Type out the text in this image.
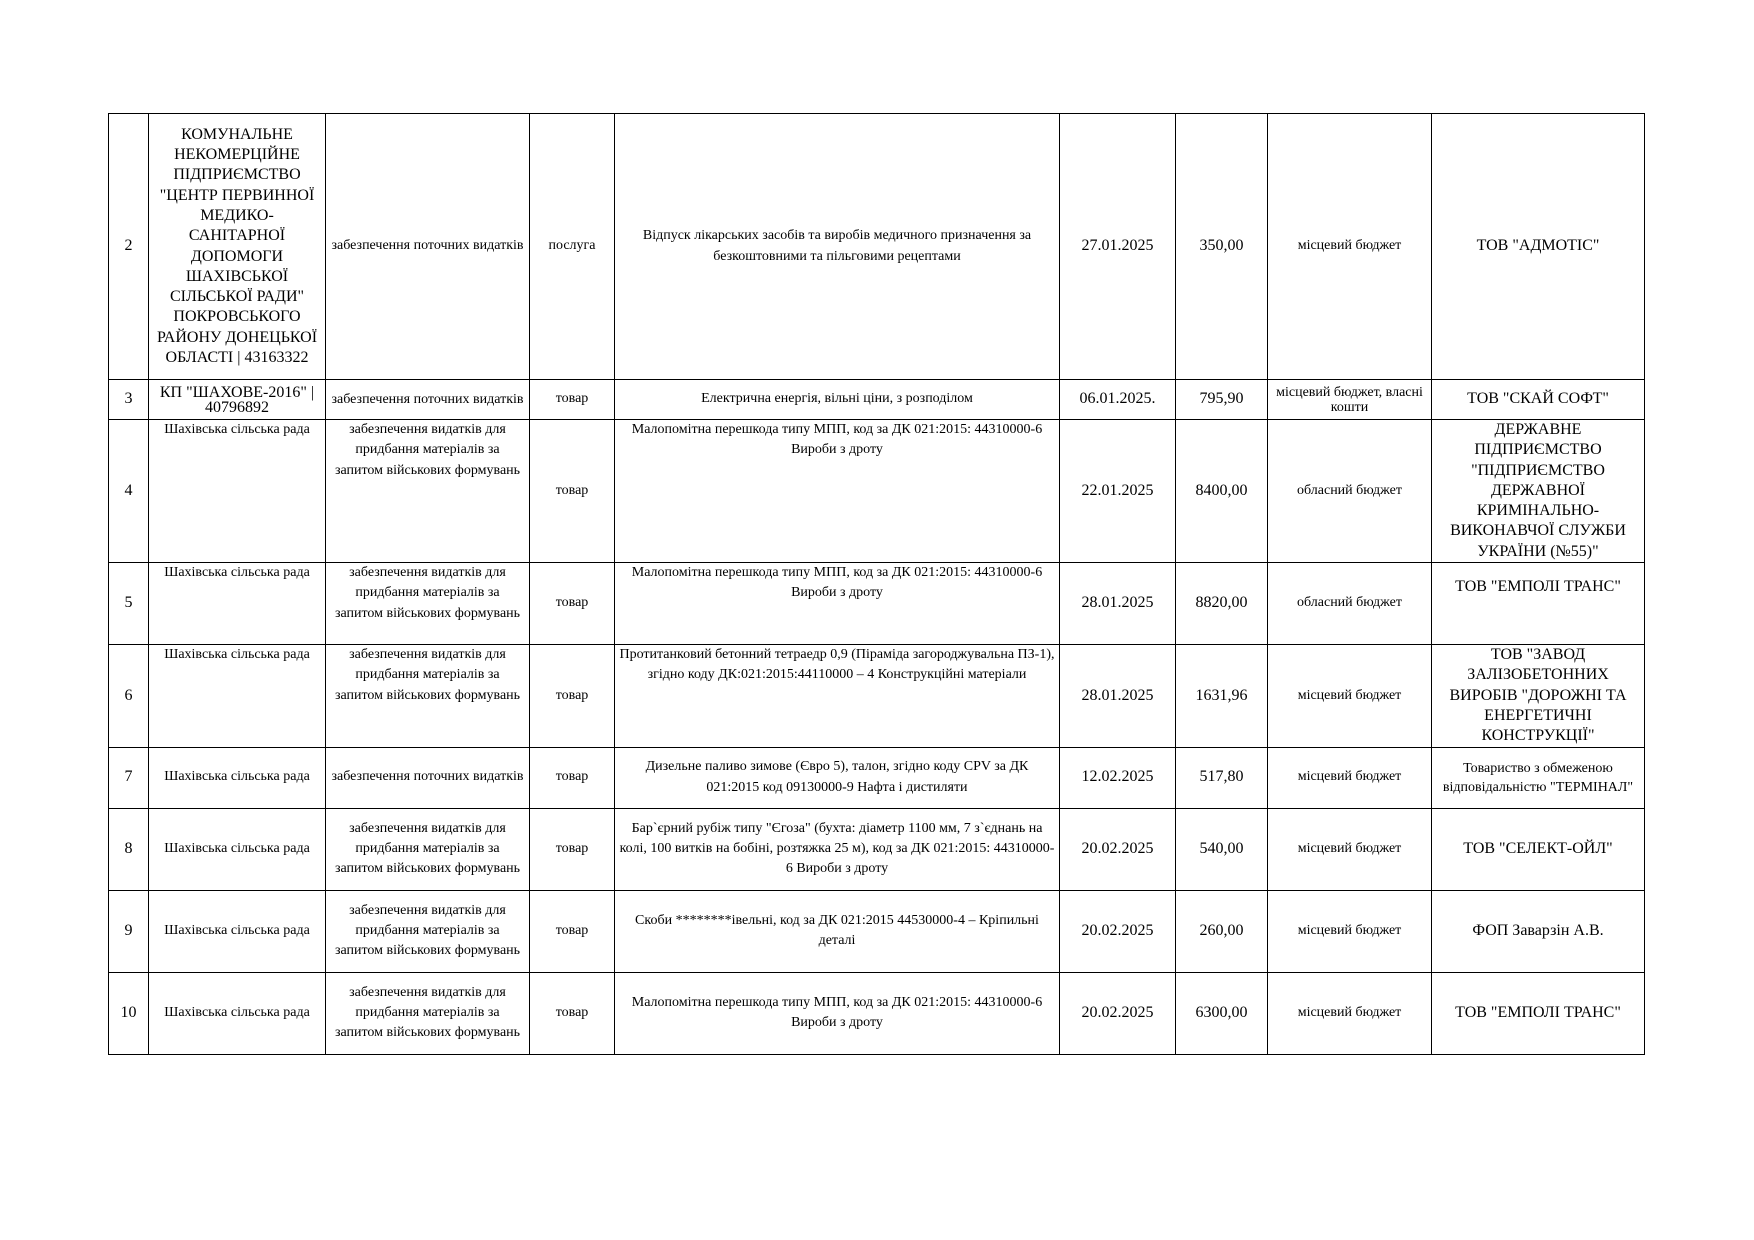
2	КОМУНАЛЬНЕ НЕКОМЕРЦІЙНЕ ПІДПРИЄМСТВО "ЦЕНТР ПЕРВИННОЇ МЕДИКО-САНІТАРНОЇ ДОПОМОГИ ШАХІВСЬКОЇ СІЛЬСЬКОЇ РАДИ" ПОКРОВСЬКОГО РАЙОНУ ДОНЕЦЬКОЇ ОБЛАСТІ | 43163322	забезпечення поточних видатків	послуга	Відпуск лікарських засобів та виробів медичного призначення за безкоштовними та пільговими рецептами	27.01.2025	350,00	місцевий бюджет	ТОВ "АДМОТІС"
3	КП "ШАХОВЕ-2016" | 40796892	забезпечення поточних видатків	товар	Електрична енергія, вільні ціни, з розподілом	06.01.2025.	795,90	місцевий бюджет, власні кошти	ТОВ "СКАЙ СОФТ"
4	Шахівська сільська рада	забезпечення видатків для придбання матеріалів за запитом військових формувань	товар	Малопомітна перешкода типу МПП, код за ДК 021:2015: 44310000-6 Вироби з дроту	22.01.2025	8400,00	обласний бюджет	ДЕРЖАВНЕ ПІДПРИЄМСТВО "ПІДПРИЄМСТВО ДЕРЖАВНОЇ КРИМІНАЛЬНО-ВИКОНАВЧОЇ СЛУЖБИ УКРАЇНИ (№55)"
5	Шахівська сільська рада	забезпечення видатків для придбання матеріалів за запитом військових формувань	товар	Малопомітна перешкода типу МПП, код за ДК 021:2015: 44310000-6 Вироби з дроту	28.01.2025	8820,00	обласний бюджет	ТОВ "ЕМПОЛІ ТРАНС"
6	Шахівська сільська рада	забезпечення видатків для придбання матеріалів за запитом військових формувань	товар	Протитанковий бетонний тетраедр 0,9 (Піраміда загороджувальна ПЗ-1), згідно коду ДК:021:2015:44110000 – 4 Конструкційні матеріали	28.01.2025	1631,96	місцевий бюджет	ТОВ "ЗАВОД ЗАЛІЗОБЕТОННИХ ВИРОБІВ "ДОРОЖНІ ТА ЕНЕРГЕТИЧНІ КОНСТРУКЦІЇ"
7	Шахівська сільська рада	забезпечення поточних видатків	товар	Дизельне паливо зимове (Євро 5), талон, згідно коду CPV за ДК 021:2015 код 09130000-9 Нафта і дистиляти	12.02.2025	517,80	місцевий бюджет	Товариство з обмеженою відповідальністю "ТЕРМІНАЛ"
8	Шахівська сільська рада	забезпечення видатків для придбання матеріалів за запитом військових формувань	товар	Бар`єрний рубіж типу "Єгоза" (бухта: діаметр 1100 мм, 7 з`єднань на колі, 100 витків на бобіні, розтяжка 25 м), код за ДК 021:2015: 44310000-6 Вироби з дроту	20.02.2025	540,00	місцевий бюджет	ТОВ "СЕЛЕКТ-ОЙЛ"
9	Шахівська сільська рада	забезпечення видатків для придбання матеріалів за запитом військових формувань	товар	Скоби ********івельні, код за ДК 021:2015 44530000-4 – Кріпильні деталі	20.02.2025	260,00	місцевий бюджет	ФОП Заварзін А.В.
10	Шахівська сільська рада	забезпечення видатків для придбання матеріалів за запитом військових формувань	товар	Малопомітна перешкода типу МПП, код за ДК 021:2015: 44310000-6 Вироби з дроту	20.02.2025	6300,00	місцевий бюджет	ТОВ "ЕМПОЛІ ТРАНС"
